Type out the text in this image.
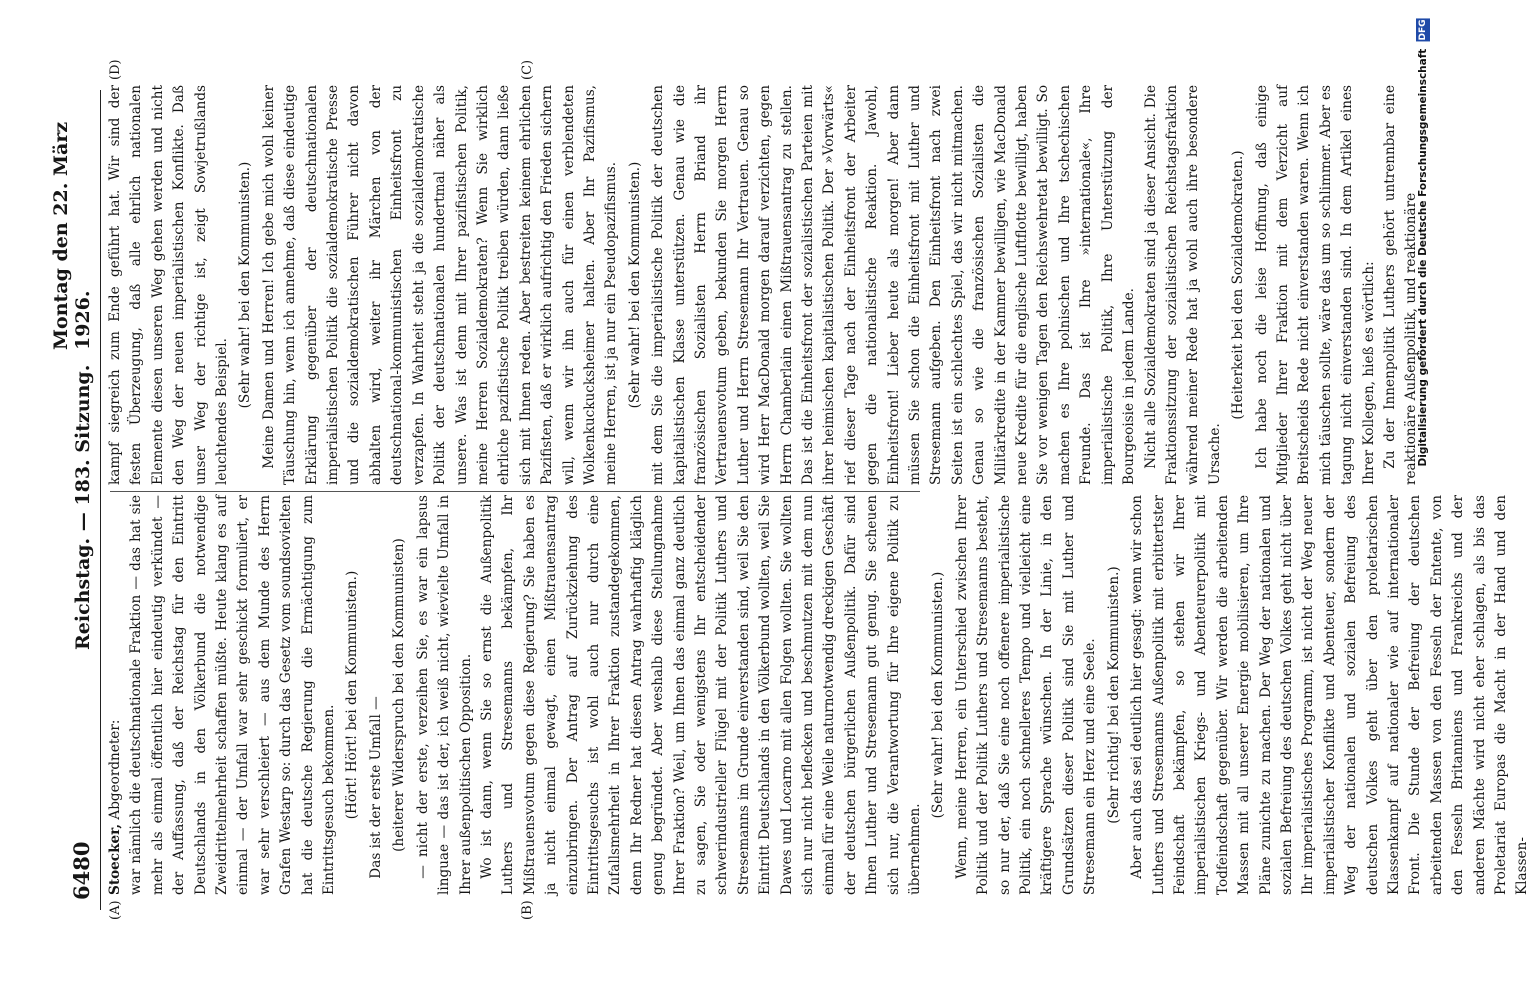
6480
Reichstag. — 183. Sitzung.
Montag den 22. März 1926.
(A)	(B)
(D)	(C)

Stoecker, Abgeordneter: war nämlich die deutschnationale Fraktion — das hat sie mehr als einmal öffentlich hier eindeutig verkündet — der Auffassung, daß der Reichstag für den Eintritt Deutschlands in den Völkerbund die notwendige Zweidrittelmehrheit schaffen müßte. Heute klang es auf einmal — der Umfall war sehr geschickt formuliert, er war sehr verschleiert — aus dem Munde des Herrn Grafen Westarp so: durch das Gesetz vom soundsovielten hat die deutsche Regierung die Ermächtigung zum Eintrittsgesuch bekommen. (Hört! Hört! bei den Kommunisten.) Das ist der erste Umfall — (heiterer Widerspruch bei den Kommunisten) — nicht der erste, verzeihen Sie, es war ein lapsus linguae — das ist der, ich weiß nicht, wievielte Umfall in Ihrer außenpolitischen Opposition. Wo ist dann, wenn Sie so ernst die Außenpolitik Luthers und Stresemanns bekämpfen, Ihr Mißtrauensvotum gegen diese Regierung? Sie haben es ja nicht einmal gewagt, einen Mißtrauensantrag einzubringen. Der Antrag auf Zurückziehung des Eintrittsgesuchs ist wohl auch nur durch eine Zufallsmehrheit in Ihrer Fraktion zustandegekommen, denn Ihr Redner hat diesen Antrag wahrhaftig kläglich genug begründet. Aber weshalb diese Stellungnahme Ihrer Fraktion? Weil, um Ihnen das einmal ganz deutlich zu sagen, Sie oder wenigstens Ihr entscheidender schwerindustrieller Flügel mit der Politik Luthers und Stresemanns im Grunde einverstanden sind, weil Sie den Eintritt Deutschlands in den Völkerbund wollten, weil Sie Dawes und Locarno mit allen Folgen wollten. Sie wollten sich nur nicht beflecken und beschmutzen mit dem nun einmal für eine Weile naturnotwendig dreckigen Geschäft der deutschen bürgerlichen Außenpolitik. Dafür sind Ihnen Luther und Stresemann gut genug. Sie scheuen sich nur, die Verantwortung für Ihre eigene Politik zu übernehmen.

(Sehr wahr! bei den Kommunisten.) Wenn, meine Herren, ein Unterschied zwischen Ihrer Politik und der Politik Luthers und Stresemanns besteht, so nur der, daß Sie eine noch offenere imperialistische Politik, ein noch schnelleres Tempo und vielleicht eine kräftigere Sprache wünschen. In der Linie, in den Grundsätzen dieser Politik sind Sie mit Luther und Stresemann ein Herz und eine Seele. (Sehr richtig! bei den Kommunisten.) Aber auch das sei deutlich hier gesagt: wenn wir schon Luthers und Stresemanns Außenpolitik mit erbittertster Feindschaft bekämpfen, so stehen wir Ihrer imperialistischen Kriegs- und Abenteurerpolitik mit Todfeindschaft gegenüber. Wir werden die arbeitenden Massen mit all unserer Energie mobilisieren, um Ihre Pläne zunichte zu machen. Der Weg der nationalen und sozialen Befreiung des deutschen Volkes geht nicht über Ihr imperialistisches Programm, ist nicht der Weg neuer imperialistischer Konflikte und Abenteuer, sondern der Weg der nationalen und sozialen Befreiung des deutschen Volkes geht über den proletarischen Klassenkampf auf nationaler wie auf internationaler Front. Die Stunde der Befreiung der deutschen arbeitenden Massen von den Fesseln der Entente, von den Fesseln Britanniens und Frankreichs und der anderen Mächte wird nicht eher schlagen, als bis das Proletariat Europas die Macht in der Hand und den Klassen-

kampf siegreich zum Ende geführt hat. Wir sind der festen Überzeugung, daß alle ehrlich nationalen Elemente diesen unseren Weg gehen werden und nicht den Weg der neuen imperialistischen Konflikte. Daß unser Weg der richtige ist, zeigt Sowjetrußlands leuchtendes Beispiel.

(Sehr wahr! bei den Kommunisten.) Meine Damen und Herren! Ich gebe mich wohl keiner Täuschung hin, wenn ich annehme, daß diese eindeutige Erklärung gegenüber der deutschnationalen imperialistischen Politik die sozialdemokratische Presse und die sozialdemokratischen Führer nicht davon abhalten wird, weiter ihr Märchen von der deutschnational-kommunistischen Einheitsfront zu verzapfen. In Wahrheit steht ja die sozialdemokratische Politik der deutschnationalen hundertmal näher als unsere. Was ist denn mit Ihrer pazifistischen Politik, meine Herren Sozialdemokraten? Wenn Sie wirklich ehrliche pazifistische Politik treiben würden, dann ließe sich mit Ihnen reden. Aber bestreiten keinem ehrlichen Pazifisten, daß er wirklich aufrichtig den Frieden sichern will, wenn wir ihn auch für einen verblendeten Wolkenkuckucksheimer halten. Aber Ihr Pazifismus, meine Herren, ist ja nur ein Pseudopazifismus. (Sehr wahr! bei den Kommunisten.) mit dem Sie die imperialistische Politik der deutschen kapitalistischen Klasse unterstützen. Genau wie die französischen Sozialisten Herrn Briand ihr Vertrauensvotum geben, bekunden Sie morgen Herrn Luther und Herrn Stresemann Ihr Vertrauen. Genau so wird Herr MacDonald morgen darauf verzichten, gegen Herrn Chamberlain einen Mißtrauensantrag zu stellen. Das ist die Einheitsfront der sozialistischen Parteien mit ihrer heimischen kapitalistischen Politik. Der »Vorwärts« rief dieser Tage nach der Einheitsfront der Arbeiter gegen die nationalistische Reaktion. Jawohl, Einheitsfront! Lieber heute als morgen! Aber dann müssen Sie schon die Einheitsfront mit Luther und Stresemann aufgeben. Den Einheitsfront nach zwei Seiten ist ein schlechtes Spiel, das wir nicht mitmachen. Genau so wie die französischen Sozialisten die Militärkredite in der Kammer bewilligen, wie MacDonald neue Kredite für die englische Luftflotte bewilligt, haben Sie vor wenigen Tagen den Reichswehretat bewilligt. So machen es Ihre polnischen und Ihre tschechischen Freunde. Das ist Ihre »internationale«, Ihre imperialistische Politik, Ihre Unterstützung der Bourgeoisie in jedem Lande. Nicht alle Sozialdemokraten sind ja dieser Ansicht. Die Fraktionssitzung der sozialistischen Reichstagsfraktion während meiner Rede hat ja wohl auch ihre besondere Ursache.

(Heiterkeit bei den Sozialdemokraten.) Ich habe noch die leise Hoffnung, daß einige Mitglieder Ihrer Fraktion mit dem Verzicht auf Breitscheids Rede nicht einverstanden waren. Wenn ich mich täuschen sollte, wäre das um so schlimmer. Aber es tagung nicht einverstanden sind. In dem Artikel eines Ihrer Kollegen, hieß es wörtlich: Zu der Innenpolitik Luthers gehört untrennbar eine reaktionäre Außenpolitik, und reaktionäre

Digitalisierung gefördert durch die Deutsche Forschungsgemeinschaft DFG
